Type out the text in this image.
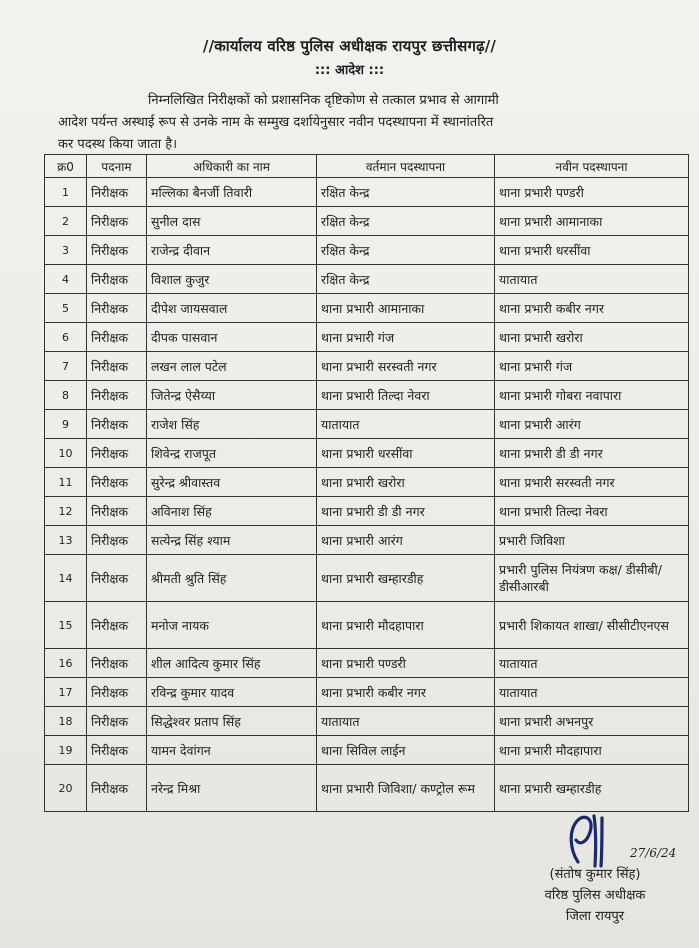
//कार्यालय वरिष्ठ पुलिस अधीक्षक रायपुर छत्तीसगढ़//
::: आदेश :::
निम्नलिखित निरीक्षकों को प्रशासनिक दृष्टिकोण से तत्काल प्रभाव से आगामी
आदेश पर्यन्त अस्थाई रूप से उनके नाम के सम्मुख दर्शायेनुसार नवीन पदस्थापना में स्थानांतरित
कर पदस्थ किया जाता है।
क्र0	पदनाम	अधिकारी का नाम	वर्तमान पदस्थापना	नवीन पदस्थापना
1	निरीक्षक	मल्लिका बैनर्जी तिवारी	रक्षित केन्द्र	थाना प्रभारी पण्डरी
2	निरीक्षक	सुनील दास	रक्षित केन्द्र	थाना प्रभारी आमानाका
3	निरीक्षक	राजेन्द्र दीवान	रक्षित केन्द्र	थाना प्रभारी धरसींवा
4	निरीक्षक	विशाल कुजुर	रक्षित केन्द्र	यातायात
5	निरीक्षक	दीपेश जायसवाल	थाना प्रभारी आमानाका	थाना प्रभारी कबीर नगर
6	निरीक्षक	दीपक पासवान	थाना प्रभारी गंज	थाना प्रभारी खरोरा
7	निरीक्षक	लखन लाल पटेल	थाना प्रभारी सरस्वती नगर	थाना प्रभारी गंज
8	निरीक्षक	जितेन्द्र ऐसैय्या	थाना प्रभारी तिल्दा नेवरा	थाना प्रभारी गोबरा नवापारा
9	निरीक्षक	राजेश सिंह	यातायात	थाना प्रभारी आरंग
10	निरीक्षक	शिवेन्द्र राजपूत	थाना प्रभारी धरसींवा	थाना प्रभारी डी डी नगर
11	निरीक्षक	सुरेन्द्र श्रीवास्तव	थाना प्रभारी खरोरा	थाना प्रभारी सरस्वती नगर
12	निरीक्षक	अविनाश सिंह	थाना प्रभारी डी डी नगर	थाना प्रभारी तिल्दा नेवरा
13	निरीक्षक	सत्येन्द्र सिंह श्याम	थाना प्रभारी आरंग	प्रभारी जिविशा
14	निरीक्षक	श्रीमती श्रुति सिंह	थाना प्रभारी खम्हारडीह	प्रभारी पुलिस नियंत्रण कक्ष/ डीसीबी/डीसीआरबी
15	निरीक्षक	मनोज नायक	थाना प्रभारी मौदहापारा	प्रभारी शिकायत शाखा/ सीसीटीएनएस
16	निरीक्षक	शील आदित्य कुमार सिंह	थाना प्रभारी पण्डरी	यातायात
17	निरीक्षक	रविन्द्र कुमार यादव	थाना प्रभारी कबीर नगर	यातायात
18	निरीक्षक	सिद्धेश्वर प्रताप सिंह	यातायात	थाना प्रभारी अभनपुर
19	निरीक्षक	यामन देवांगन	थाना सिविल लाईन	थाना प्रभारी मौदहापारा
20	निरीक्षक	नरेन्द्र मिश्रा	थाना प्रभारी जिविशा/ कण्ट्रोल रूम	थाना प्रभारी खम्हारडीह
27/6/24
(संतोष कुमार सिंह)
वरिष्ठ पुलिस अधीक्षक
जिला रायपुर
